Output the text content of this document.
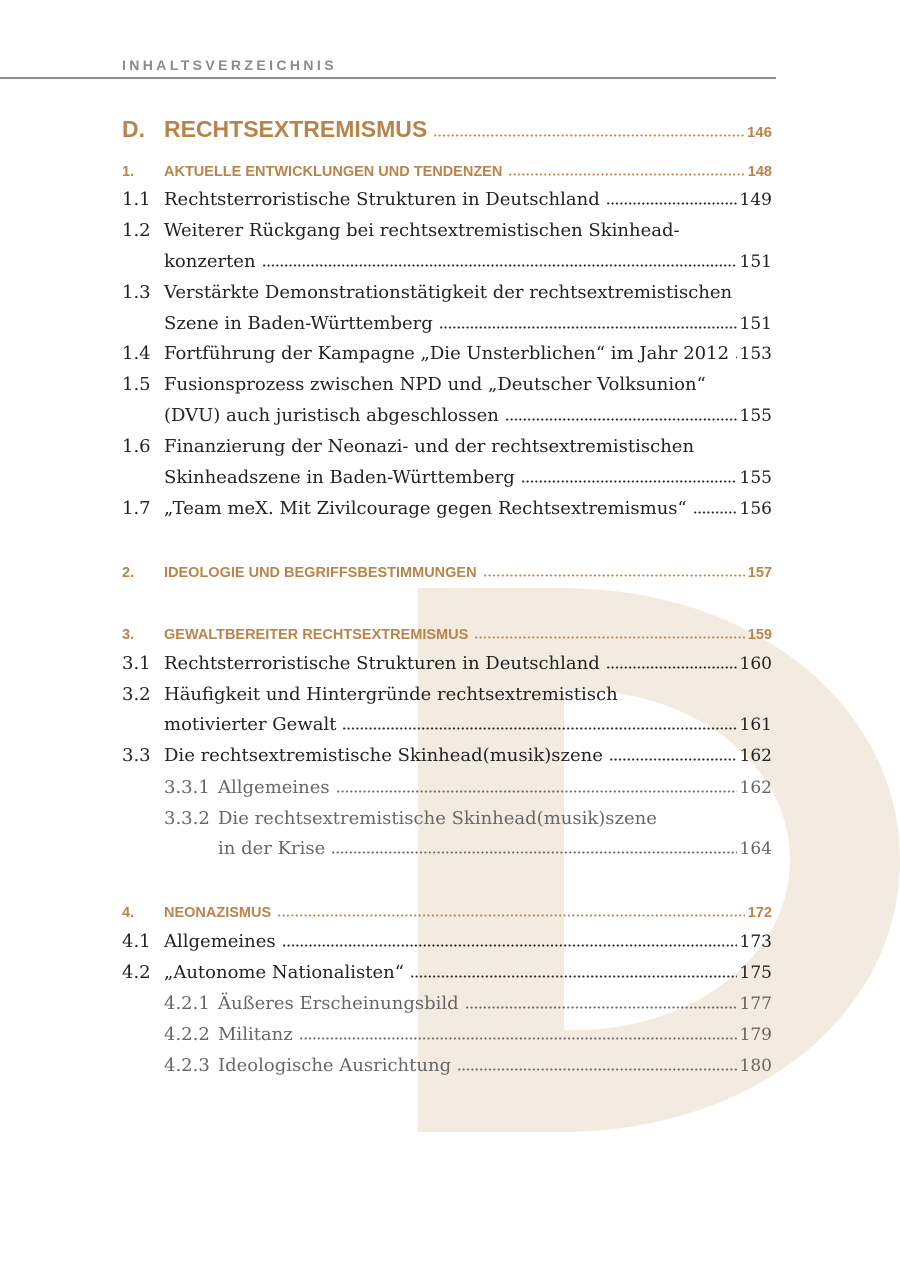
INHALTSVERZEICHNIS
D. RECHTSEXTREMISMUS	146
1. AKTUELLE ENTWICKLUNGEN UND TENDENZEN	148
1.1 Rechtsterroristische Strukturen in Deutschland	149
1.2 Weiterer Rückgang bei rechtsextremistischen Skinhead-
konzerten	151
1.3 Verstärkte Demonstrationstätigkeit der rechtsextremistischen
Szene in Baden-Württemberg	151
1.4 Fortführung der Kampagne „Die Unsterblichen“ im Jahr 2012 153
1.5 Fusionsprozess zwischen NPD und „Deutscher Volksunion“
(DVU) auch juristisch abgeschlossen	155
1.6 Finanzierung der Neonazi- und der rechtsextremistischen
Skinheadszene in Baden-Württemberg	155
1.7 „Team meX. Mit Zivilcourage gegen Rechtsextremismus“	156
2. IDEOLOGIE UND BEGRIFFSBESTIMMUNGEN	157
3. GEWALTBEREITER RECHTSEXTREMISMUS	159
3.1 Rechtsterroristische Strukturen in Deutschland	160
3.2 Häufigkeit und Hintergründe rechtsextremistisch
motivierter Gewalt	161
3.3 Die rechtsextremistische Skinhead(musik)szene	162
3.3.1 Allgemeines	162
3.3.2 Die rechtsextremistische Skinhead(musik)szene
in der Krise	164
4. NEONAZISMUS	172
4.1 Allgemeines	173
4.2 „Autonome Nationalisten“	175
4.2.1 Äußeres Erscheinungsbild	177
4.2.2 Militanz	179
4.2.3 Ideologische Ausrichtung	180
